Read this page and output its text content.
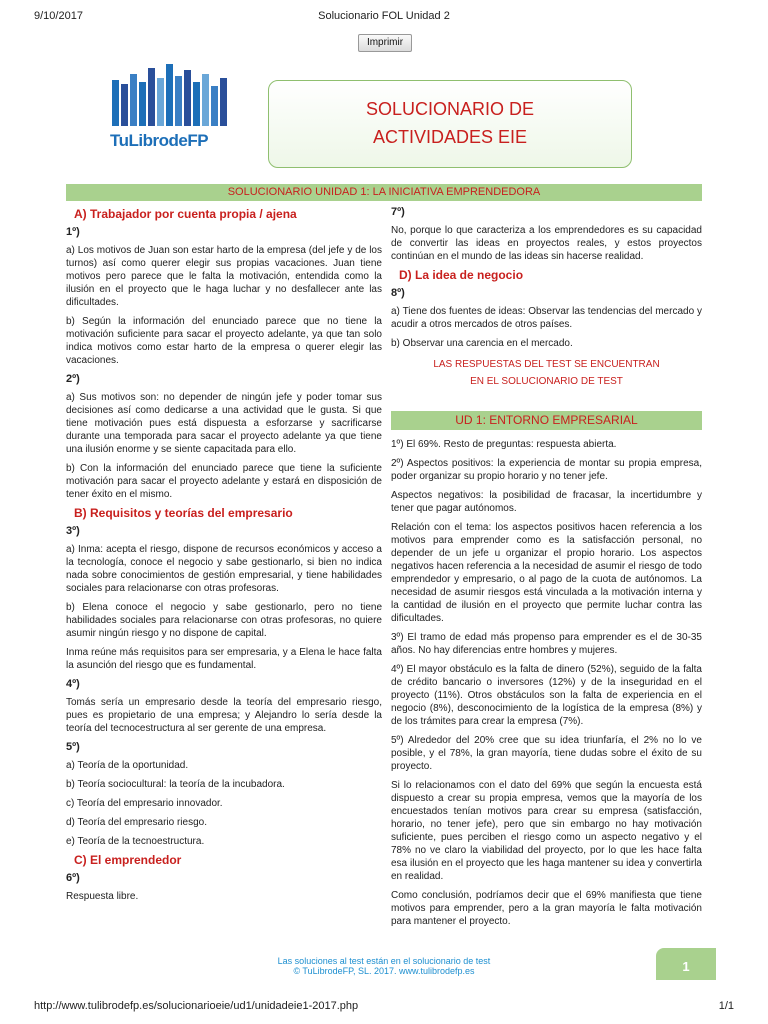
9/10/2017	Solucionario FOL Unidad 2
Imprimir
TuLibrodeFP
SOLUCIONARIO DE
ACTIVIDADES EIE
SOLUCIONARIO UNIDAD 1: LA INICIATIVA EMPRENDEDORA
A) Trabajador por cuenta propia / ajena
1º)

a) Los motivos de Juan son estar harto de la empresa (del jefe y de los turnos) así como querer elegir sus propias vacaciones. Juan tiene motivos pero parece que le falta la motivación, entendida como la ilusión en el proyecto que le haga luchar y no desfallecer ante las dificultades.

b) Según la información del enunciado parece que no tiene la motivación suficiente para sacar el proyecto adelante, ya que tan solo indica motivos como estar harto de la empresa o querer elegir las vacaciones.

2º)

a) Sus motivos son: no depender de ningún jefe y poder tomar sus decisiones así como dedicarse a una actividad que le gusta. Si que tiene motivación pues está dispuesta a esforzarse y sacrificarse durante una temporada para sacar el proyecto adelante ya que tiene una ilusión enorme y se siente capacitada para ello.

b) Con la información del enunciado parece que tiene la suficiente motivación para sacar el proyecto adelante y estará en disposición de tener éxito en el mismo.

B) Requisitos y teorías del empresario
3º)

a) Inma: acepta el riesgo, dispone de recursos económicos y acceso a la tecnología, conoce el negocio y sabe gestionarlo, si bien no indica nada sobre conocimientos de gestión empresarial, y tiene habilidades sociales para relacionarse con otras profesoras.

b) Elena conoce el negocio y sabe gestionarlo, pero no tiene habilidades sociales para relacionarse con otras profesoras, no quiere asumir ningún riesgo y no dispone de capital.

Inma reúne más requisitos para ser empresaria, y a Elena le hace falta la asunción del riesgo que es fundamental.

4º)

Tomás sería un empresario desde la teoría del empresario riesgo, pues es propietario de una empresa; y Alejandro lo sería desde la teoría del tecnocestructura al ser gerente de una empresa.

5º)

a) Teoría de la oportunidad.

b) Teoría sociocultural: la teoría de la incubadora.

c) Teoría del empresario innovador.

d) Teoría del empresario riesgo.

e) Teoría de la tecnoestructura.

C) El emprendedor
6º)

Respuesta libre.

7º)

No, porque lo que caracteriza a los emprendedores es su capacidad de convertir las ideas en proyectos reales, y estos proyectos continúan en el mundo de las ideas sin hacerse realidad.

D) La idea de negocio
8º)

a) Tiene dos fuentes de ideas: Observar las tendencias del mercado y acudir a otros mercados de otros países.

b) Observar una carencia en el mercado.

LAS RESPUESTAS DEL TEST SE ENCUENTRAN

EN EL SOLUCIONARIO DE TEST

UD 1: ENTORNO EMPRESARIAL

1º) El 69%. Resto de preguntas: respuesta abierta.

2º) Aspectos positivos: la experiencia de montar su propia empresa, poder organizar su propio horario y no tener jefe.

Aspectos negativos: la posibilidad de fracasar, la incertidumbre y tener que pagar autónomos.

Relación con el tema: los aspectos positivos hacen referencia a los motivos para emprender como es la satisfacción personal, no depender de un jefe u organizar el propio horario. Los aspectos negativos hacen referencia a la necesidad de asumir el riesgo de todo emprendedor y empresario, o al pago de la cuota de autónomos. La necesidad de asumir riesgos está vinculada a la motivación interna y la cantidad de ilusión en el proyecto que permite luchar contra las dificultades.

3º) El tramo de edad más propenso para emprender es el de 30-35 años. No hay diferencias entre hombres y mujeres.

4º) El mayor obstáculo es la falta de dinero (52%), seguido de la falta de crédito bancario o inversores (12%) y de la inseguridad en el proyecto (11%). Otros obstáculos son la falta de experiencia en el negocio (8%), desconocimiento de la logística de la empresa (8%) y de los trámites para crear la empresa (7%).

5º) Alrededor del 20% cree que su idea triunfaría, el 2% no lo ve posible, y el 78%, la gran mayoría, tiene dudas sobre el éxito de su proyecto.

Si lo relacionamos con el dato del 69% que según la encuesta está dispuesto a crear su propia empresa, vemos que la mayoría de los encuestados tenían motivos para crear su empresa (satisfacción, horario, no tener jefe), pero que sin embargo no hay motivación suficiente, pues perciben el riesgo como un aspecto negativo y el 78% no ve claro la viabilidad del proyecto, por lo que les hace falta esa ilusión en el proyecto que les haga mantener su idea y convertirla en realidad.

Como conclusión, podríamos decir que el 69% manifiesta que tiene motivos para emprender, pero a la gran mayoría le falta motivación para mantener el proyecto.

Las soluciones al test están en el solucionario de test
© TuLibrodeFP, SL. 2017. www.tulibrodefp.es	1
http://www.tulibrodefp.es/solucionarioeie/ud1/unidadeie1-2017.php	1/1
